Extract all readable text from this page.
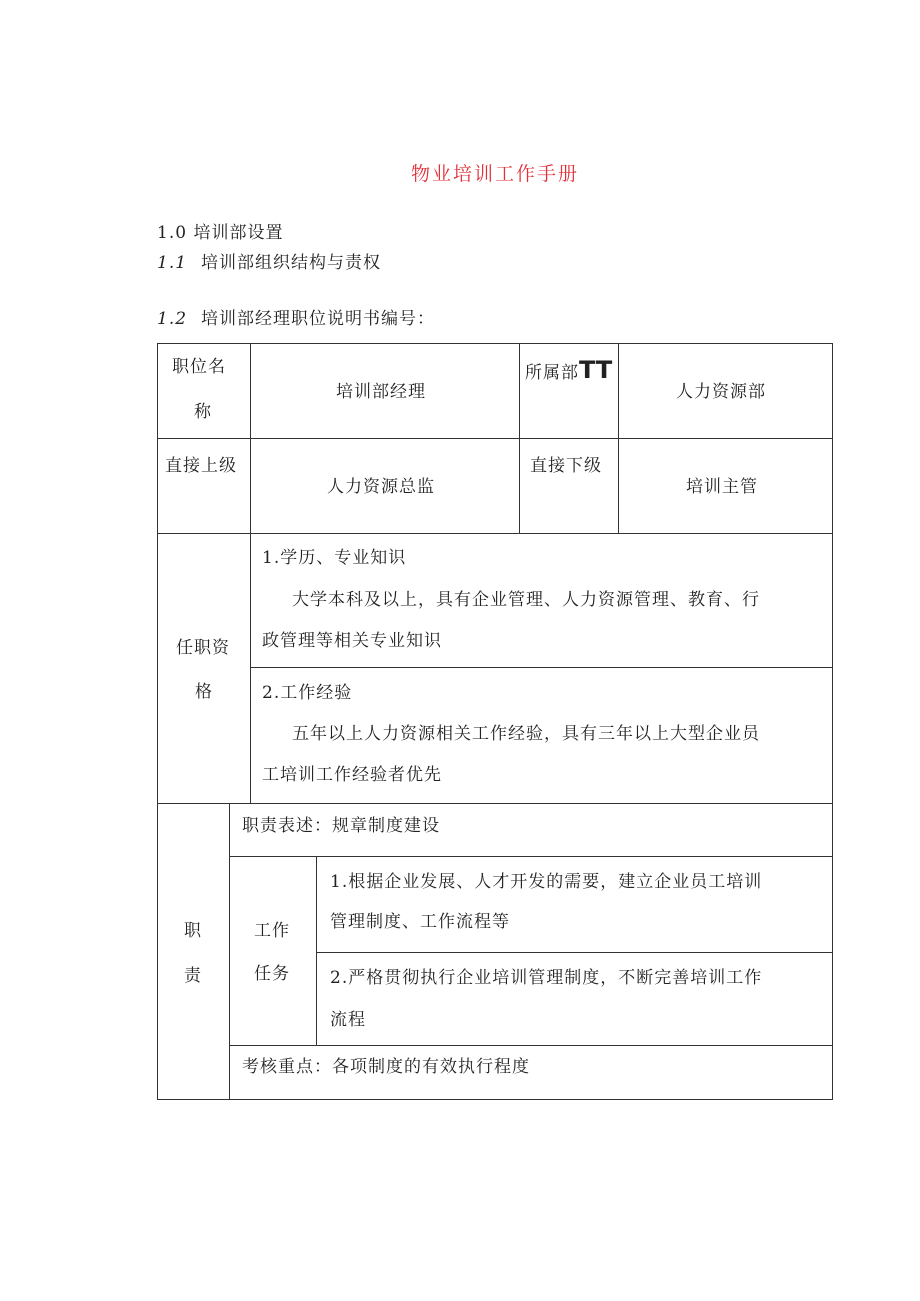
物业培训工作手册
1.0 培训部设置
1.1 培训部组织结构与责权
1.2 培训部经理职位说明书编号：
职位名
称
培训部经理
所属部TT
人力资源部
直接上级
人力资源总监
直接下级
培训主管
任职资
格
1.学历、专业知识
大学本科及以上，具有企业管理、人力资源管理、教育、行
政管理等相关专业知识
2.工作经验
五年以上人力资源相关工作经验，具有三年以上大型企业员
工培训工作经验者优先
职
责
职责表述：规章制度建设
工作
任务
1.根据企业发展、人才开发的需要，建立企业员工培训
管理制度、工作流程等
2.严格贯彻执行企业培训管理制度，不断完善培训工作
流程
考核重点：各项制度的有效执行程度
